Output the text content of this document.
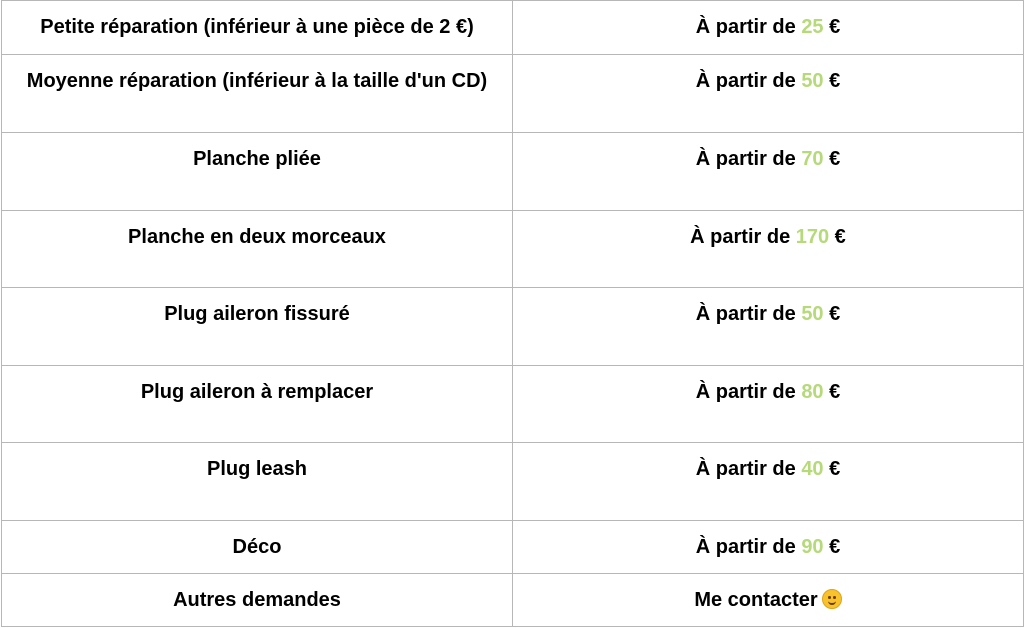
Petite réparation (inférieur à une pièce de 2 €)	À partir de 25 €
Moyenne réparation (inférieur à la taille d'un CD)	À partir de 50 €
Planche pliée	À partir de 70 €
Planche en deux morceaux	À partir de 170 €
Plug aileron fissuré	À partir de 50 €
Plug aileron à remplacer	À partir de 80 €
Plug leash	À partir de 40 €
Déco	À partir de 90 €
Autres demandes	Me contacter
